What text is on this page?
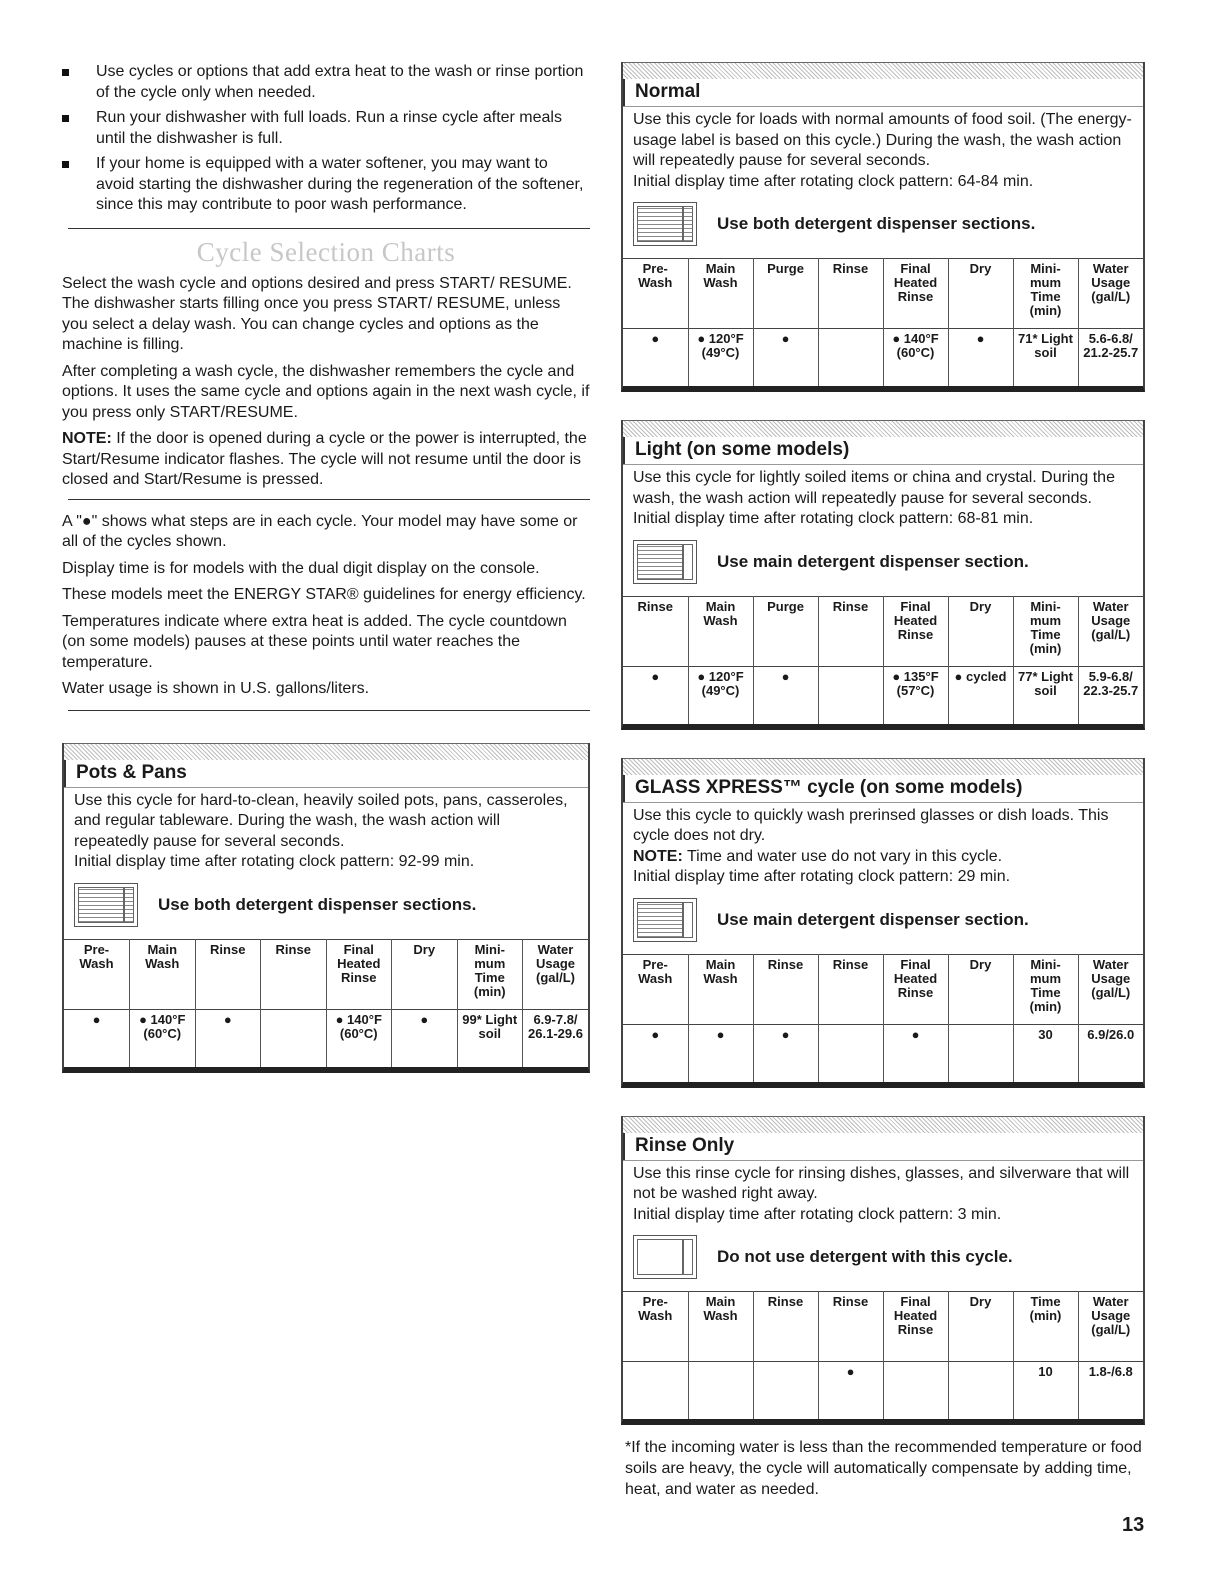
Use cycles or options that add extra heat to the wash or rinse portion of the cycle only when needed.
Run your dishwasher with full loads. Run a rinse cycle after meals until the dishwasher is full.
If your home is equipped with a water softener, you may want to avoid starting the dishwasher during the regeneration of the softener, since this may contribute to poor wash performance.
Cycle Selection Charts

Select the wash cycle and options desired and press START/ RESUME. The dishwasher starts filling once you press START/ RESUME, unless you select a delay wash. You can change cycles and options as the machine is filling.

After completing a wash cycle, the dishwasher remembers the cycle and options. It uses the same cycle and options again in the next wash cycle, if you press only START/RESUME.

NOTE: If the door is opened during a cycle or the power is interrupted, the Start/Resume indicator flashes. The cycle will not resume until the door is closed and Start/Resume is pressed.

A "●" shows what steps are in each cycle. Your model may have some or all of the cycles shown.

Display time is for models with the dual digit display on the console.

These models meet the ENERGY STAR® guidelines for energy efficiency.

Temperatures indicate where extra heat is added. The cycle countdown (on some models) pauses at these points until water reaches the temperature.

Water usage is shown in U.S. gallons/liters.

Pots & Pans

Use this cycle for hard-to-clean, heavily soiled pots, pans, casseroles, and regular tableware. During the wash, the wash action will repeatedly pause for several seconds.

Initial display time after rotating clock pattern: 92-99 min.

Use both detergent dispenser sections.
Pre- Wash	Main Wash	Rinse	Rinse	Final Heated Rinse	Dry	Mini- mum Time (min)	Water Usage (gal/L)
●	● 140°F (60°C)	●		● 140°F (60°C)	●	99* Light soil	6.9-7.8/ 26.1-29.6
Normal

Use this cycle for loads with normal amounts of food soil. (The energy-usage label is based on this cycle.) During the wash, the wash action will repeatedly pause for several seconds.

Initial display time after rotating clock pattern: 64-84 min.

Use both detergent dispenser sections.
Pre- Wash	Main Wash	Purge	Rinse	Final Heated Rinse	Dry	Mini- mum Time (min)	Water Usage (gal/L)
●	● 120°F (49°C)	●		● 140°F (60°C)	●	71* Light soil	5.6-6.8/ 21.2-25.7
Light (on some models)

Use this cycle for lightly soiled items or china and crystal. During the wash, the wash action will repeatedly pause for several seconds.

Initial display time after rotating clock pattern: 68-81 min.

Use main detergent dispenser section.
Rinse	Main Wash	Purge	Rinse	Final Heated Rinse	Dry	Mini- mum Time (min)	Water Usage (gal/L)
●	● 120°F (49°C)	●		● 135°F (57°C)	● cycled	77* Light soil	5.9-6.8/ 22.3-25.7
GLASS XPRESS™ cycle (on some models)

Use this cycle to quickly wash prerinsed glasses or dish loads. This cycle does not dry.

NOTE: Time and water use do not vary in this cycle.

Initial display time after rotating clock pattern: 29 min.

Use main detergent dispenser section.
Pre- Wash	Main Wash	Rinse	Rinse	Final Heated Rinse	Dry	Mini- mum Time (min)	Water Usage (gal/L)
●	●	●		●		30	6.9/26.0
Rinse Only

Use this rinse cycle for rinsing dishes, glasses, and silverware that will not be washed right away.

Initial display time after rotating clock pattern: 3 min.

Do not use detergent with this cycle.
Pre- Wash	Main Wash	Rinse	Rinse	Final Heated Rinse	Dry	Time (min)	Water Usage (gal/L)
			●			10	1.8-/6.8
*If the incoming water is less than the recommended temperature or food soils are heavy, the cycle will automatically compensate by adding time, heat, and water as needed.
13
